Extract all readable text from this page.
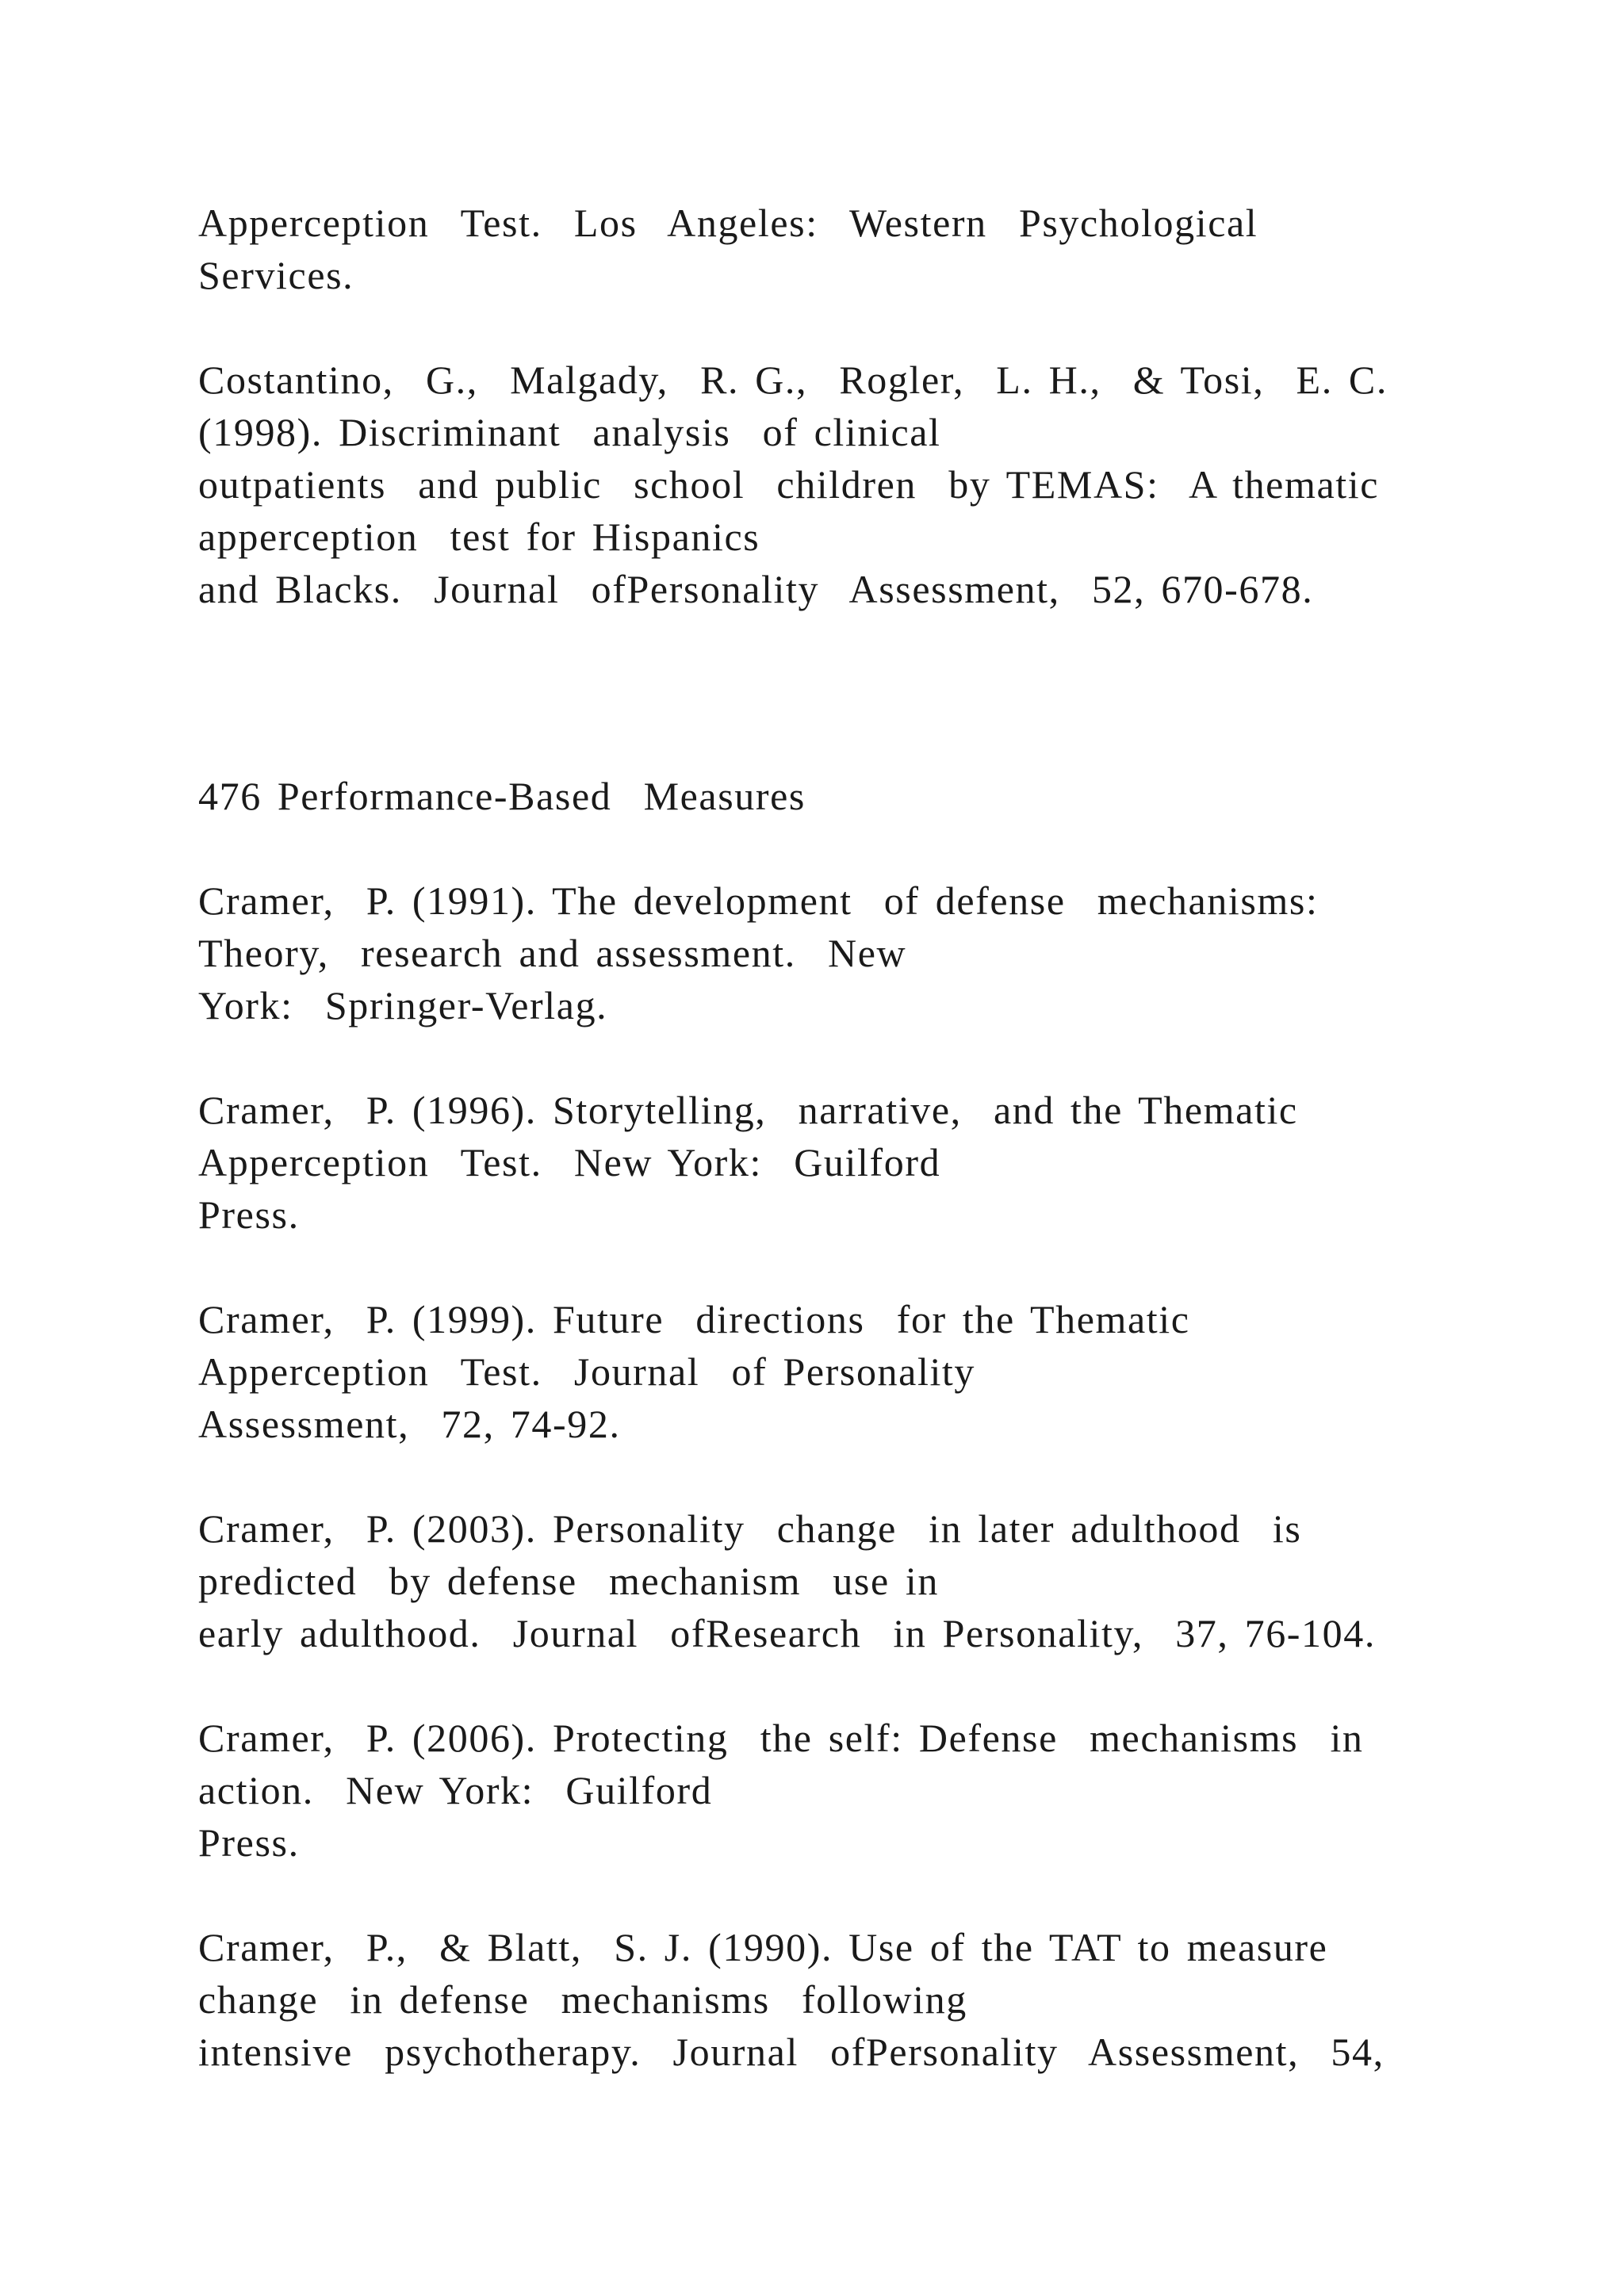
Apperception  Test.  Los  Angeles:  Western  Psychological
Services.
Costantino,  G.,  Malgady,  R. G.,  Rogler,  L. H.,  & Tosi,  E. C.
(1998). Discriminant  analysis  of clinical
outpatients  and public  school  children  by TEMAS:  A thematic
apperception  test for Hispanics
and Blacks.  Journal  ofPersonality  Assessment,  52, 670-678.
476 Performance-Based  Measures
Cramer,  P. (1991). The development  of defense  mechanisms:
Theory,  research and assessment.  New
York:  Springer-Verlag.
Cramer,  P. (1996). Storytelling,  narrative,  and the Thematic
Apperception  Test.  New York:  Guilford
Press.
Cramer,  P. (1999). Future  directions  for the Thematic
Apperception  Test.  Journal  of Personality
Assessment,  72, 74-92.
Cramer,  P. (2003). Personality  change  in later adulthood  is
predicted  by defense  mechanism  use in
early adulthood.  Journal  ofResearch  in Personality,  37, 76-104.
Cramer,  P. (2006). Protecting  the self: Defense  mechanisms  in
action.  New York:  Guilford
Press.
Cramer,  P.,  & Blatt,  S. J. (1990). Use of the TAT to measure
change  in defense  mechanisms  following
intensive  psychotherapy.  Journal  ofPersonality  Assessment,  54,
